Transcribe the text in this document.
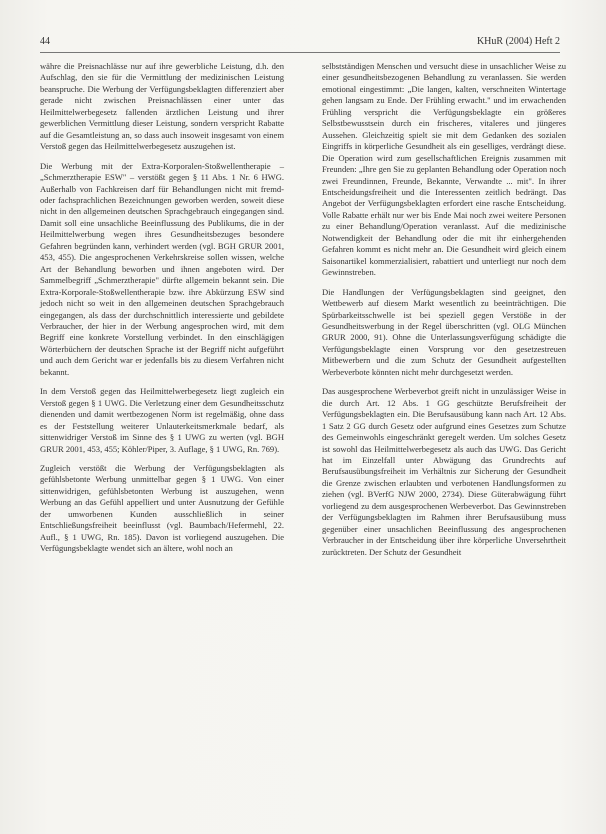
44	KHuR (2004) Heft 2

währe die Preisnachlässe nur auf ihre gewerbliche Leistung, d.h. den Aufschlag, den sie für die Vermittlung der medizinischen Leistung beanspruche. Die Werbung der Verfügungsbeklagten differenziert aber gerade nicht zwischen Preisnachlässen einer unter das Heilmittelwerbegesetz fallenden ärztlichen Leistung und ihrer gewerblichen Vermittlung dieser Leistung, sondern verspricht Rabatte auf die Gesamtleistung an, so dass auch insoweit insgesamt von einem Verstoß gegen das Heilmittelwerbegesetz auszugehen ist.

Die Werbung mit der Extra-Korporalen-Stoßwellentherapie – „Schmerztherapie ESW" – verstößt gegen § 11 Abs. 1 Nr. 6 HWG. Außerhalb von Fachkreisen darf für Behandlungen nicht mit fremd- oder fachsprachlichen Bezeichnungen geworben werden, soweit diese nicht in den allgemeinen deutschen Sprachgebrauch eingegangen sind. Damit soll eine unsachliche Beeinflussung des Publikums, die in der Heilmittelwerbung wegen ihres Gesundheitsbezuges besondere Gefahren begründen kann, verhindert werden (vgl. BGH GRUR 2001, 453, 455). Die angesprochenen Verkehrskreise sollen wissen, welche Art der Behandlung beworben und ihnen angeboten wird. Der Sammelbegriff „Schmerztherapie" dürfte allgemein bekannt sein. Die Extra-Korporale-Stoßwellentherapie bzw. ihre Abkürzung ESW sind jedoch nicht so weit in den allgemeinen deutschen Sprachgebrauch eingegangen, als dass der durchschnittlich interessierte und gebildete Verbraucher, der hier in der Werbung angesprochen wird, mit dem Begriff eine konkrete Vorstellung verbindet. In den einschlägigen Wörterbüchern der deutschen Sprache ist der Begriff nicht aufgeführt und auch dem Gericht war er jedenfalls bis zu diesem Verfahren nicht bekannt.

In dem Verstoß gegen das Heilmittelwerbegesetz liegt zugleich ein Verstoß gegen § 1 UWG. Die Verletzung einer dem Gesundheitsschutz dienenden und damit wertbezogenen Norm ist regelmäßig, ohne dass es der Feststellung weiterer Unlauterkeitsmerkmale bedarf, als sittenwidriger Verstoß im Sinne des § 1 UWG zu werten (vgl. BGH GRUR 2001, 453, 455; Köhler/Piper, 3. Auflage, § 1 UWG, Rn. 769).

Zugleich verstößt die Werbung der Verfügungsbeklagten als gefühlsbetonte Werbung unmittelbar gegen § 1 UWG. Von einer sittenwidrigen, gefühlsbetonten Werbung ist auszugehen, wenn Werbung an das Gefühl appelliert und unter Ausnutzung der Gefühle der umworbenen Kunden ausschließlich in seiner Entschließungsfreiheit beeinflusst (vgl. Baumbach/Hefermehl, 22. Aufl., § 1 UWG, Rn. 185). Davon ist vorliegend auszugehen. Die Verfügungsbeklagte wendet sich an ältere, wohl noch an

selbstständigen Menschen und versucht diese in unsachlicher Weise zu einer gesundheitsbezogenen Behandlung zu veranlassen. Sie werden emotional eingestimmt: „Die langen, kalten, verschneiten Wintertage gehen langsam zu Ende. Der Frühling erwacht." und im erwachenden Frühling verspricht die Verfügungsbeklagte ein größeres Selbstbewusstsein durch ein frischeres, vitaleres und jüngeres Aussehen. Gleichzeitig spielt sie mit dem Gedanken des sozialen Eingriffs in körperliche Gesundheit als ein geselliges, verdrängt diese. Die Operation wird zum gesellschaftlichen Ereignis zusammen mit Freunden: „Ihre gen Sie zu geplanten Behandlung oder Operation noch zwei Freundinnen, Freunde, Bekannte, Verwandte ... mit". In ihrer Entscheidungsfreiheit und die Interessenten zeitlich bedrängt. Das Angebot der Verfügungsbeklagten erfordert eine rasche Entscheidung. Volle Rabatte erhält nur wer bis Ende Mai noch zwei weitere Personen zu einer Behandlung/Operation veranlasst. Auf die medizinische Notwendigkeit der Behandlung oder die mit ihr einhergehenden Gefahren kommt es nicht mehr an. Die Gesundheit wird gleich einem Saisonartikel kommerzialisiert, rabattiert und unterliegt nur noch dem Gewinnstreben.

Die Handlungen der Verfügungsbeklagten sind geeignet, den Wettbewerb auf diesem Markt wesentlich zu beeinträchtigen. Die Spürbarkeitsschwelle ist bei speziell gegen Verstöße in der Gesundheitswerbung in der Regel überschritten (vgl. OLG München GRUR 2000, 91). Ohne die Unterlassungsverfügung schädigte die Verfügungsbeklagte einen Vorsprung vor den gesetzestreuen Mitbewerbern und die zum Schutz der Gesundheit aufgestellten Werbeverbote könnten nicht mehr durchgesetzt werden.

Das ausgesprochene Werbeverbot greift nicht in unzulässiger Weise in die durch Art. 12 Abs. 1 GG geschützte Berufsfreiheit der Verfügungsbeklagten ein. Die Berufsausübung kann nach Art. 12 Abs. 1 Satz 2 GG durch Gesetz oder aufgrund eines Gesetzes zum Schutze des Gemeinwohls eingeschränkt geregelt werden. Um solches Gesetz ist sowohl das Heilmittelwerbegesetz als auch das UWG. Das Gericht hat im Einzelfall unter Abwägung das Grundrechts auf Berufsausübungsfreiheit im Verhältnis zur Sicherung der Gesundheit die Grenze zwischen erlaubten und verbotenen Handlungsformen zu ziehen (vgl. BVerfG NJW 2000, 2734). Diese Güterabwägung führt vorliegend zu dem ausgesprochenen Werbeverbot. Das Gewinnstreben der Verfügungsbeklagten im Rahmen ihrer Berufsausübung muss gegenüber einer unsachlichen Beeinflussung des angesprochenen Verbraucher in der Entscheidung über ihre körperliche Unversehrtheit zurücktreten. Der Schutz der Gesundheit
